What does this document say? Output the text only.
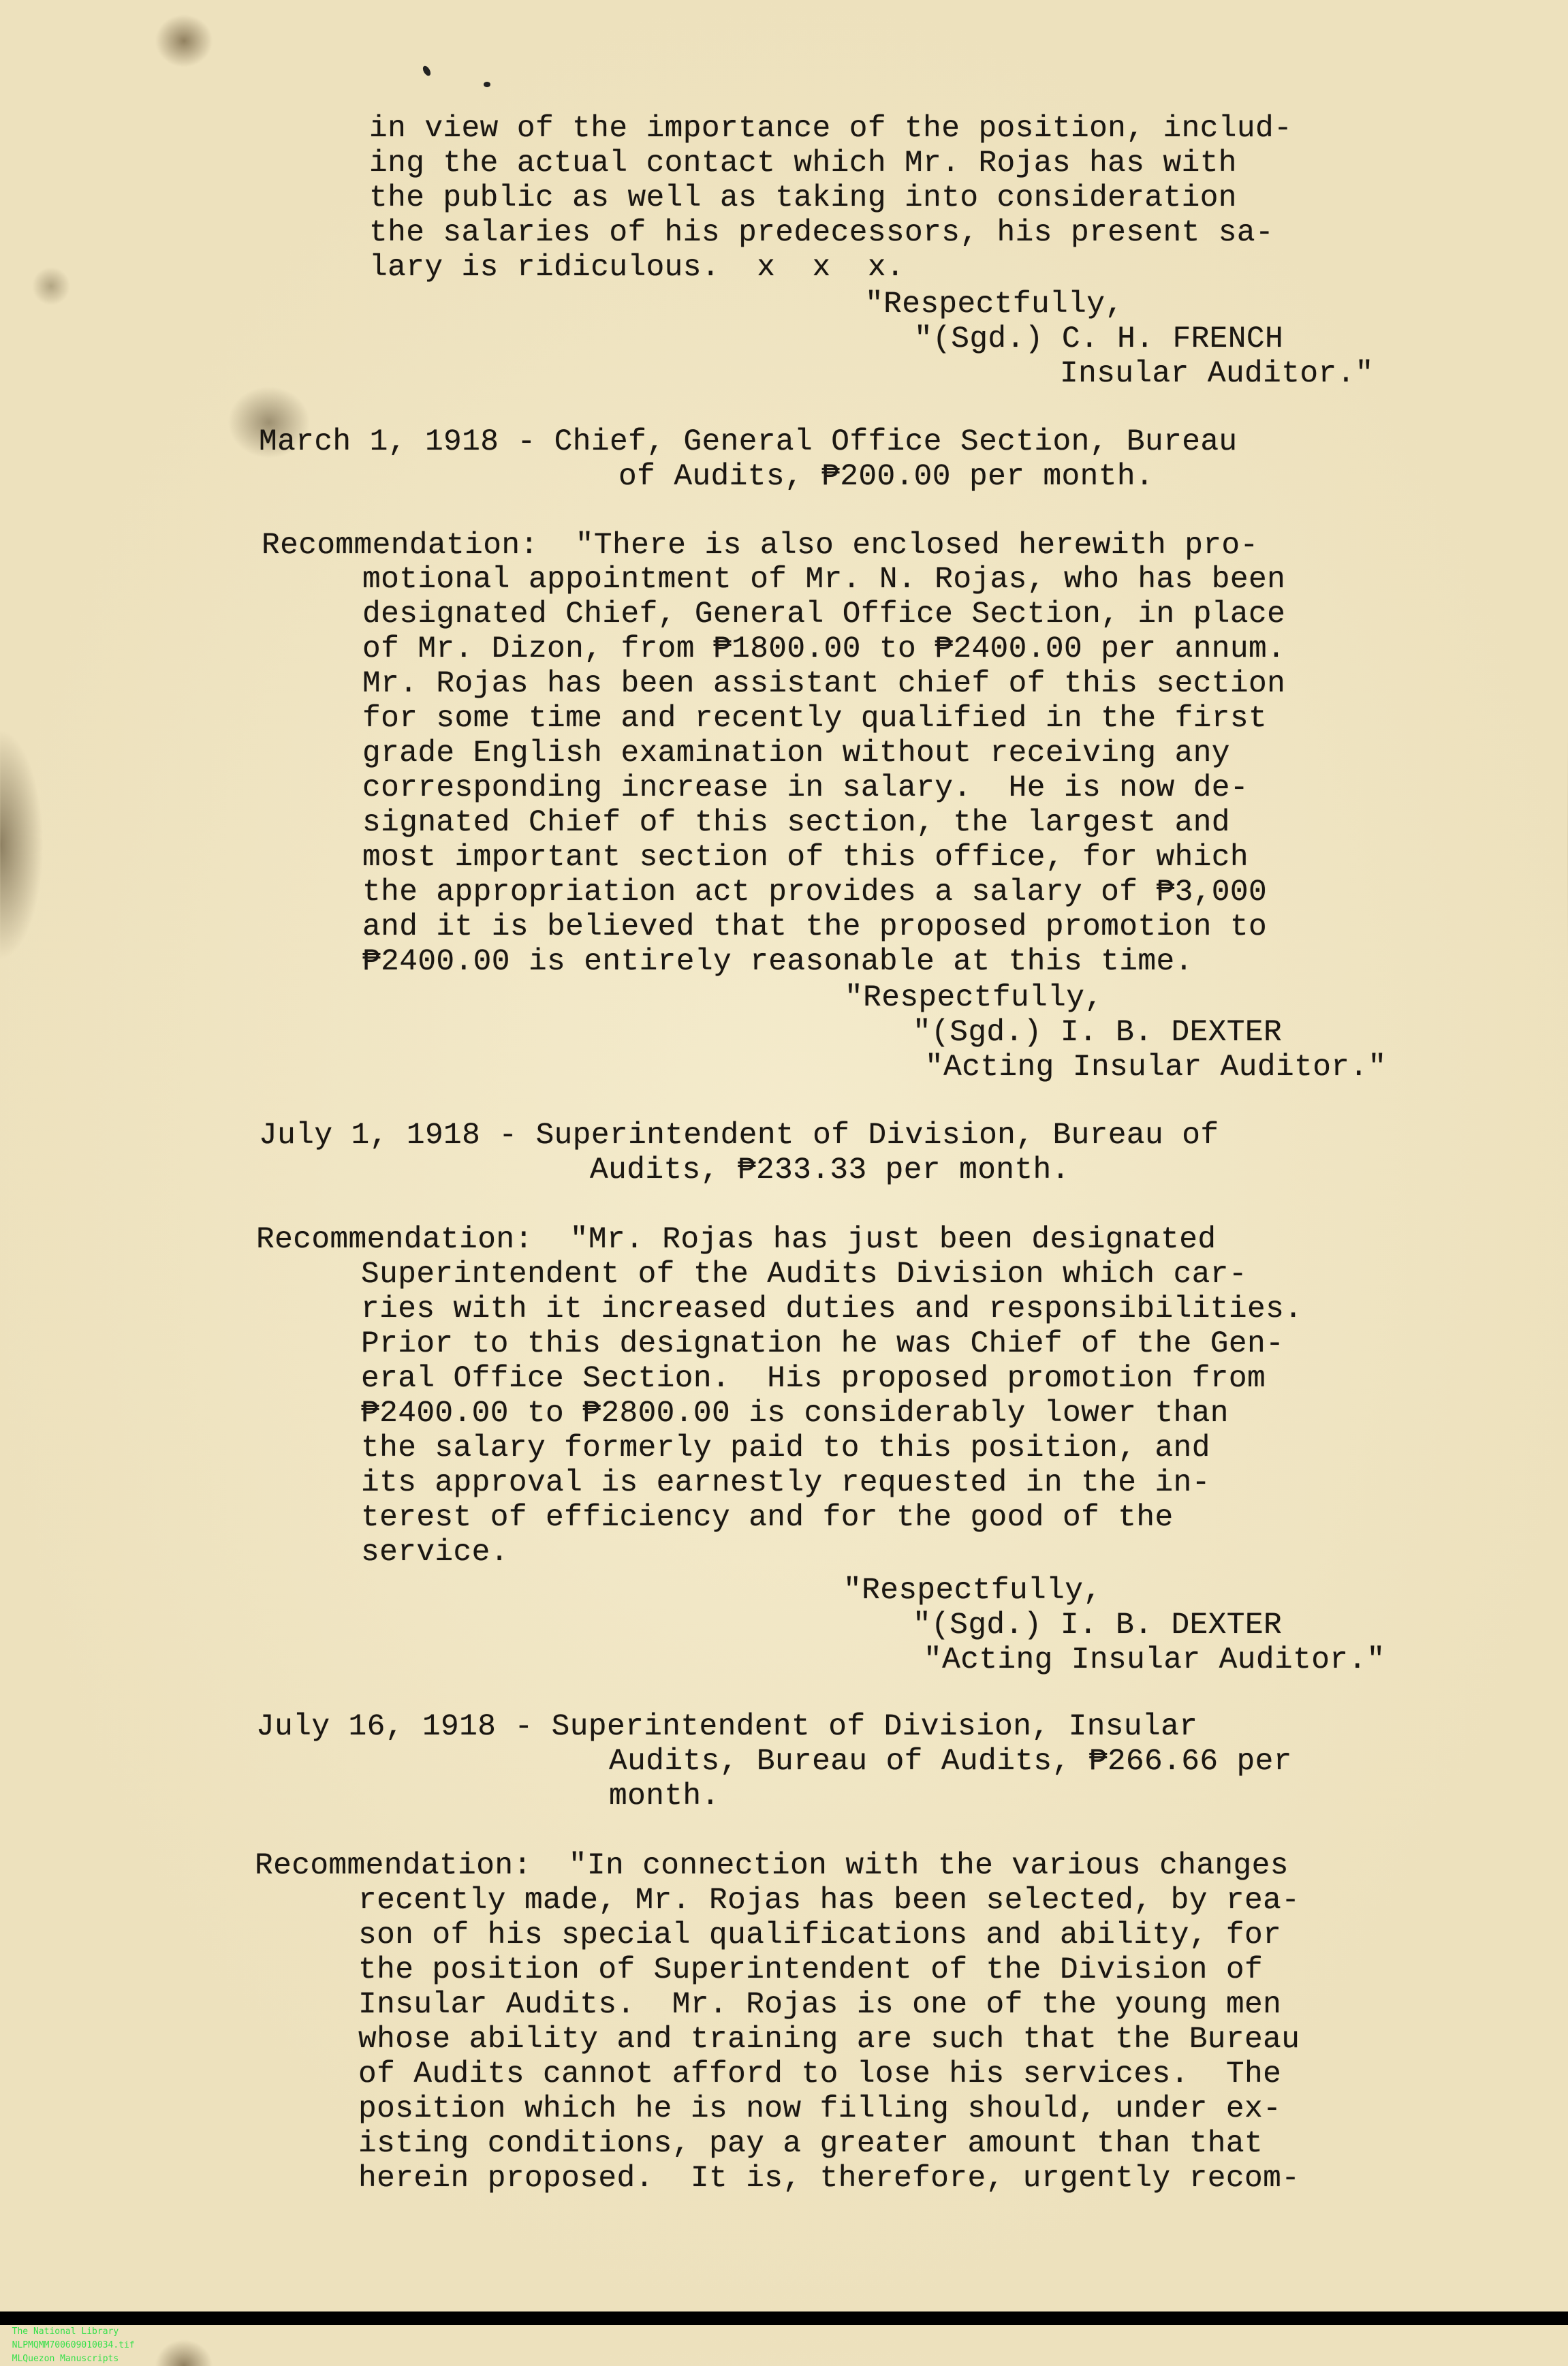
in view of the importance of the position, includ-
ing the actual contact which Mr. Rojas has with
the public as well as taking into consideration
the salaries of his predecessors, his present sa-
lary is ridiculous.  x  x  x.
"Respectfully,
"(Sgd.) C. H. FRENCH
Insular Auditor."
March 1, 1918 - Chief, General Office Section, Bureau
of Audits, ₱200.00 per month.
Recommendation:  "There is also enclosed herewith pro-
motional appointment of Mr. N. Rojas, who has been
designated Chief, General Office Section, in place
of Mr. Dizon, from ₱1800.00 to ₱2400.00 per annum.
Mr. Rojas has been assistant chief of this section
for some time and recently qualified in the first
grade English examination without receiving any
corresponding increase in salary.  He is now de-
signated Chief of this section, the largest and
most important section of this office, for which
the appropriation act provides a salary of ₱3,000
and it is believed that the proposed promotion to
₱2400.00 is entirely reasonable at this time.
"Respectfully,
"(Sgd.) I. B. DEXTER
"Acting Insular Auditor."
July 1, 1918 - Superintendent of Division, Bureau of
Audits, ₱233.33 per month.
Recommendation:  "Mr. Rojas has just been designated
Superintendent of the Audits Division which car-
ries with it increased duties and responsibilities.
Prior to this designation he was Chief of the Gen-
eral Office Section.  His proposed promotion from
₱2400.00 to ₱2800.00 is considerably lower than
the salary formerly paid to this position, and
its approval is earnestly requested in the in-
terest of efficiency and for the good of the
service.
"Respectfully,
"(Sgd.) I. B. DEXTER
"Acting Insular Auditor."
July 16, 1918 - Superintendent of Division, Insular
Audits, Bureau of Audits, ₱266.66 per
month.
Recommendation:  "In connection with the various changes
recently made, Mr. Rojas has been selected, by rea-
son of his special qualifications and ability, for
the position of Superintendent of the Division of
Insular Audits.  Mr. Rojas is one of the young men
whose ability and training are such that the Bureau
of Audits cannot afford to lose his services.  The
position which he is now filling should, under ex-
isting conditions, pay a greater amount than that
herein proposed.  It is, therefore, urgently recom-

The National Library
NLPMQMM700609010034.tif
MLQuezon Manuscripts
